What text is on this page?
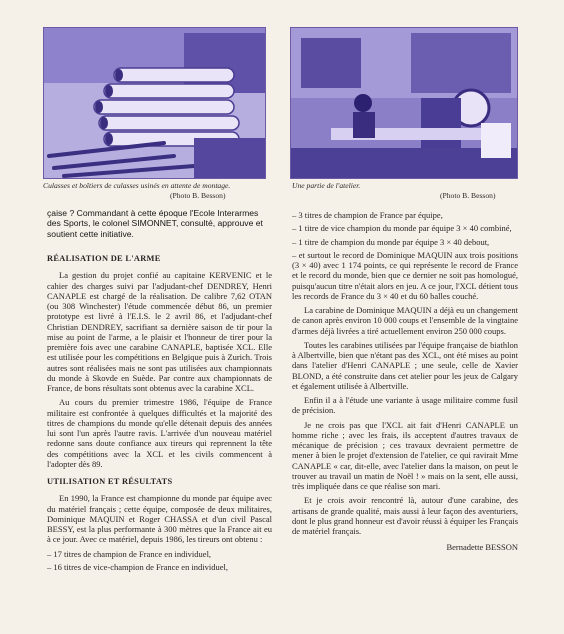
Culasses et boîtiers de culasses usinés en attente de montage.
(Photo B. Besson)
Une partie de l'atelier.
(Photo B. Besson)
çaise ? Commandant à cette époque l'Ecole Interarmes des Sports, le colonel SIMONNET, consulté, approuve et soutient cette initiative.
RÉALISATION DE L'ARME

La gestion du projet confié au capitaine KERVENIC et le cahier des charges suivi par l'adjudant-chef DENDREY, Henri CANAPLE est chargé de la réalisation. De calibre 7,62 OTAN (ou 308 Winchester) l'étude commencée début 86, un premier prototype est livré à l'E.I.S. le 2 avril 86, et l'adjudant-chef Christian DENDREY, sacrifiant sa dernière saison de tir pour la mise au point de l'arme, a le plaisir et l'honneur de tirer pour la première fois avec une carabine CANAPLE, baptisée XCL. Elle est utilisée pour les compétitions en Belgique puis à Zurich. Trois autres sont réalisées mais ne sont pas utilisées aux championnats du monde à Skovde en Suède. Par contre aux championnats de France, de bons résultats sont obtenus avec la carabine XCL.

Au cours du premier trimestre 1986, l'équipe de France militaire est confrontée à quelques difficultés et la majorité des titres de champions du monde qu'elle détenait depuis des années lui sont l'un après l'autre ravis. L'arrivée d'un nouveau matériel redonne sans doute confiance aux tireurs qui reprennent la tête des compétitions avec la XCL et les civils commencent à l'adopter dès 89.

UTILISATION ET RÉSULTATS

En 1990, la France est championne du monde par équipe avec du matériel français ; cette équipe, composée de deux militaires, Dominique MAQUIN et Roger CHASSA et d'un civil Pascal BESSY, est la plus performante à 300 mètres que la France ait eu à ce jour. Avec ce matériel, depuis 1986, les tireurs ont obtenu :

– 17 titres de champion de France en individuel,

– 16 titres de vice-champion de France en individuel,

– 3 titres de champion de France par équipe,

– 1 titre de vice champion du monde par équipe 3 × 40 combiné,

– 1 titre de champion du monde par équipe 3 × 40 debout,

– et surtout le record de Dominique MAQUIN aux trois positions (3 × 40) avec 1 174 points, ce qui représente le record de France et le record du monde, bien que ce dernier ne soit pas homologué, puisqu'aucun titre n'était alors en jeu. A ce jour, l'XCL détient tous les records de France du 3 × 40 et du 60 balles couché.

La carabine de Dominique MAQUIN a déjà eu un changement de canon après environ 10 000 coups et l'ensemble de la vingtaine d'armes déjà livrées a tiré actuellement environ 250 000 coups.

Toutes les carabines utilisées par l'équipe française de biathlon à Albertville, bien que n'étant pas des XCL, ont été mises au point dans l'atelier d'Henri CANAPLE ; une seule, celle de Xavier BLOND, a été construite dans cet atelier pour les jeux de Calgary et également utilisée à Albertville.

Enfin il a à l'étude une variante à usage militaire comme fusil de précision.

Je ne crois pas que l'XCL ait fait d'Henri CANAPLE un homme riche ; avec les frais, ils acceptent d'autres travaux de mécanique de précision ; ces travaux devraient permettre de mener à bien le projet d'extension de l'atelier, ce qui ravirait Mme CANAPLE « car, dit-elle, avec l'atelier dans la maison, on peut le trouver au travail un matin de Noël ! » mais on la sent, elle aussi, très impliquée dans ce que réalise son mari.

Et je crois avoir rencontré là, autour d'une carabine, des artisans de grande qualité, mais aussi à leur façon des aventuriers, dont le plus grand honneur est d'avoir réussi à équiper les Français de matériel français.

Bernadette BESSON
